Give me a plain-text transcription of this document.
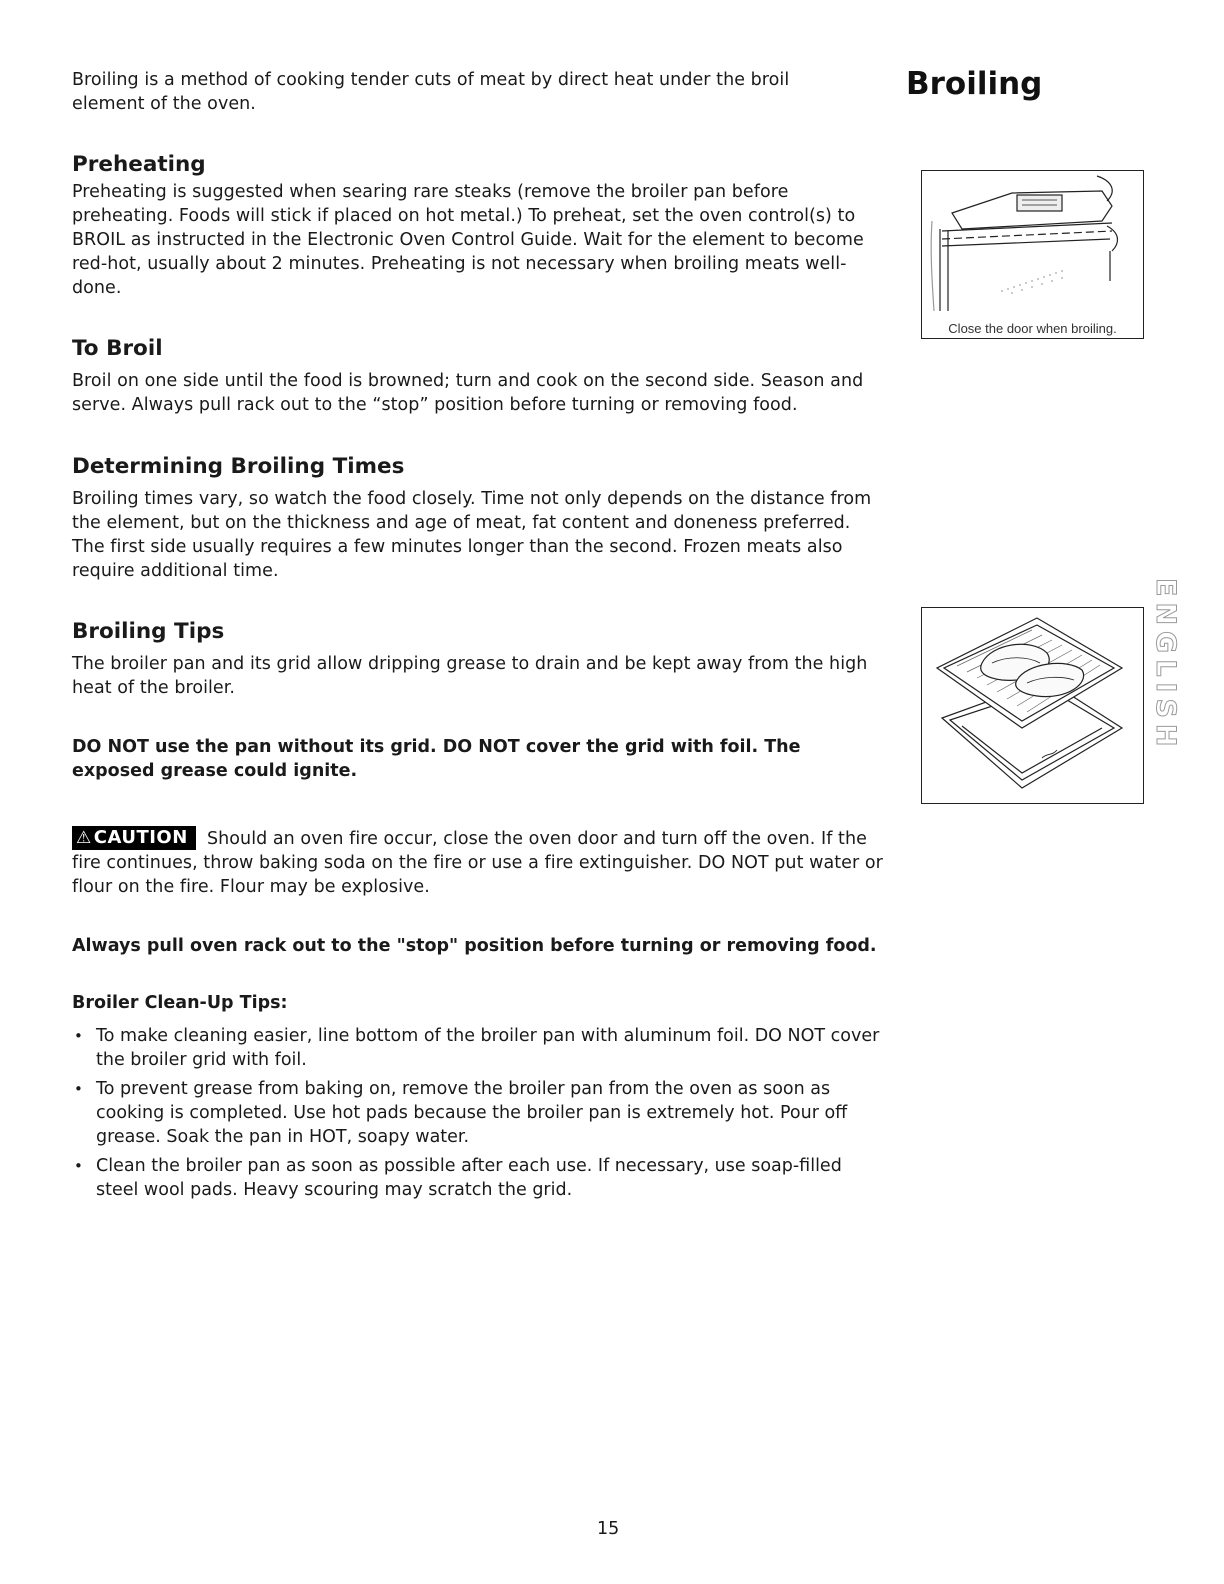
Broiling

Broiling is a method of cooking tender cuts of meat by direct heat under the broil element of the oven.

Preheating

Preheating is suggested when searing rare steaks (remove the broiler pan before preheating. Foods will stick if placed on hot metal.) To preheat, set the oven control(s) to BROIL as instructed in the Electronic Oven Control Guide. Wait for the element to become red-hot, usually about 2 minutes. Preheating is not necessary when broiling meats well-done.

To Broil

Broil on one side until the food is browned; turn and cook on the second side. Season and serve. Always pull rack out to the “stop” position before turning or removing food.

Determining Broiling Times

Broiling times vary, so watch the food closely. Time not only depends on the distance from the element, but on the thickness and age of meat, fat content and doneness preferred. The first side usually requires a few minutes longer than the second. Frozen meats also require additional time.

Broiling Tips

The broiler pan and its grid allow dripping grease to drain and be kept away from the high heat of the broiler.

DO NOT use the pan without its grid. DO NOT cover the grid with foil. The exposed grease could ignite.

⚠ CAUTION	Should an oven fire occur, close the oven door and turn off the oven. If the fire continues, throw baking soda on the fire or use a fire extinguisher. DO NOT put water or flour on the fire. Flour may be explosive.

Always pull oven rack out to the "stop" position before turning or removing food.

Broiler Clean-Up Tips:

• To make cleaning easier, line bottom of the broiler pan with aluminum foil. DO NOT cover the broiler grid with foil.
• To prevent grease from baking on, remove the broiler pan from the oven as soon as cooking is completed. Use hot pads because the broiler pan is extremely hot. Pour off grease. Soak the pan in HOT, soapy water.
• Clean the broiler pan as soon as possible after each use. If necessary, use soap-filled steel wool pads. Heavy scouring may scratch the grid.
Close the door when broiling.
ENGLISH

15
